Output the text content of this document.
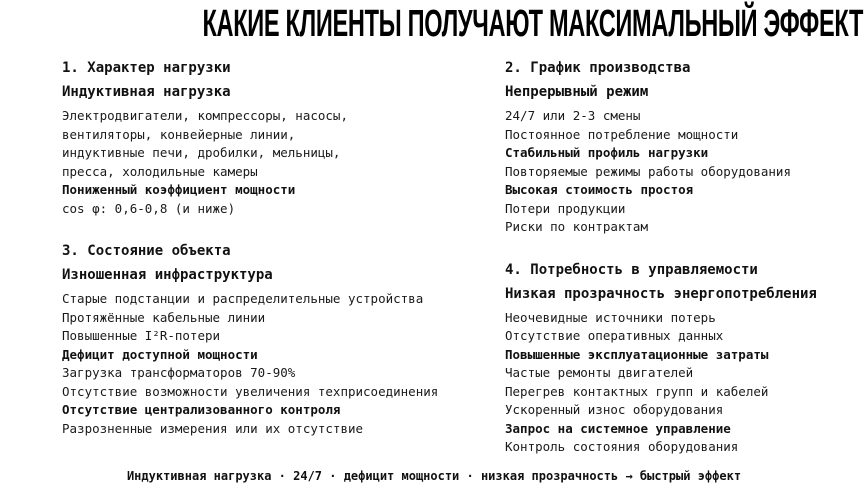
КАКИЕ КЛИЕНТЫ ПОЛУЧАЮТ МАКСИМАЛЬНЫЙ ЭФФЕКТ
1. Характер нагрузки
Индуктивная нагрузка
Электродвигатели, компрессоры, насосы,
вентиляторы, конвейерные линии,
индуктивные печи, дробилки, мельницы,
пресса, холодильные камеры
Пониженный коэффициент мощности
cos φ: 0,6-0,8 (и ниже)
3. Состояние объекта
Изношенная инфраструктура
Старые подстанции и распределительные устройства
Протяжённые кабельные линии
Повышенные I²R-потери
Дефицит доступной мощности
Загрузка трансформаторов 70-90%
Отсутствие возможности увеличения техприсоединения
Отсутствие централизованного контроля
Разрозненные измерения или их отсутствие
2. График производства
Непрерывный режим
24/7 или 2-3 смены
Постоянное потребление мощности
Стабильный профиль нагрузки
Повторяемые режимы работы оборудования
Высокая стоимость простоя
Потери продукции
Риски по контрактам
4. Потребность в управляемости
Низкая прозрачность энергопотребления
Неочевидные источники потерь
Отсутствие оперативных данных
Повышенные эксплуатационные затраты
Частые ремонты двигателей
Перегрев контактных групп и кабелей
Ускоренный износ оборудования
Запрос на системное управление
Контроль состояния оборудования
Индуктивная нагрузка · 24/7 · дефицит мощности · низкая прозрачность → быстрый эффект
